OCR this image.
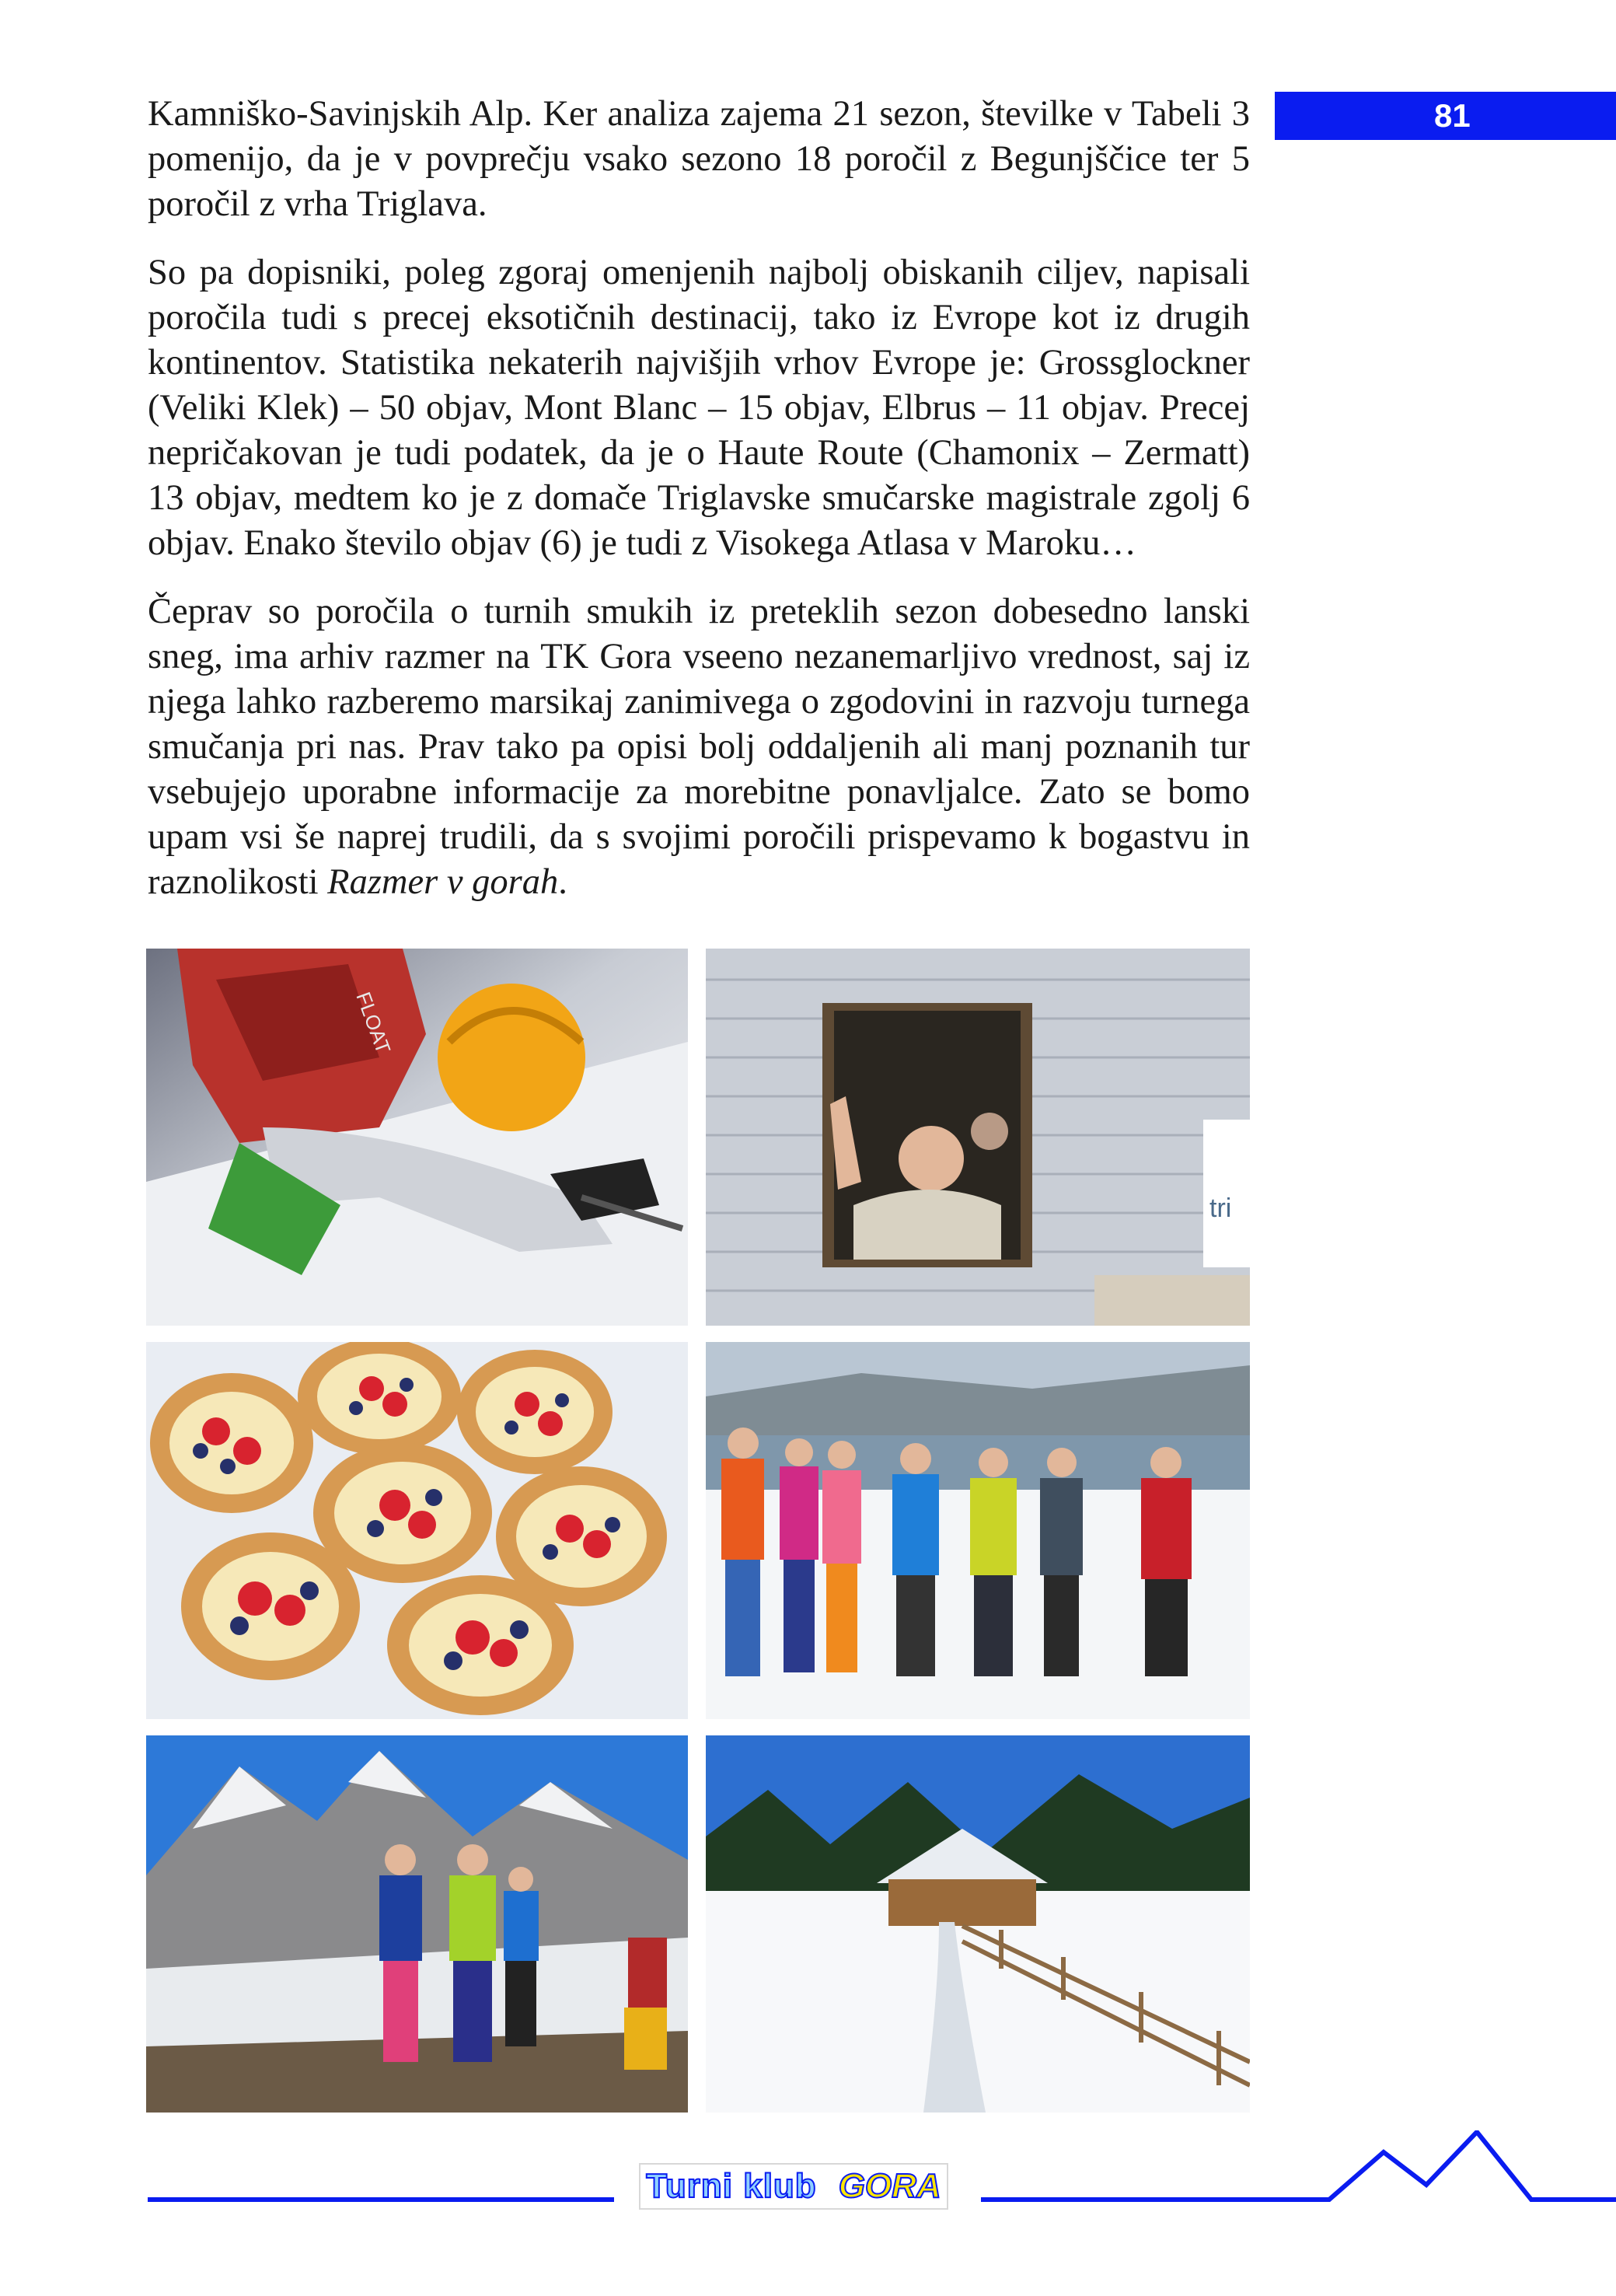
81

Kamniško-Savinjskih Alp. Ker analiza zajema 21 sezon, številke v Tabeli 3 pomenijo, da je v povprečju vsako sezono 18 poročil z Begunjščice ter 5 poročil z vrha Triglava.

So pa dopisniki, poleg zgoraj omenjenih najbolj obiskanih ciljev, napisali poročila tudi s precej eksotičnih destinacij, tako iz Evrope kot iz drugih kontinentov. Statistika nekaterih najvišjih vrhov Evrope je: Grossglockner (Veliki Klek) – 50 objav, Mont Blanc – 15 objav, Elbrus – 11 objav. Precej nepričakovan je tudi podatek, da je o Haute Route (Chamonix – Zermatt) 13 objav, medtem ko je z domače Triglavske smučarske magistrale zgolj 6 objav. Enako število objav (6) je tudi z Visokega Atlasa v Maroku…

Čeprav so poročila o turnih smukih iz preteklih sezon dobesedno lanski sneg, ima arhiv razmer na TK Gora vseeno nezanemarljivo vrednost, saj iz njega lahko razberemo marsikaj zanimivega o zgodovini in razvoju turnega smučanja pri nas. Prav tako pa opisi bolj oddaljenih ali manj poznanih tur vsebujejo uporabne informacije za morebitne ponavljalce. Zato se bomo upam vsi še naprej trudili, da s svojimi poročili prispevamo k bogastvu in raznolikosti Razmer v gorah.

FLOAT
tri
Turni klub GORA
